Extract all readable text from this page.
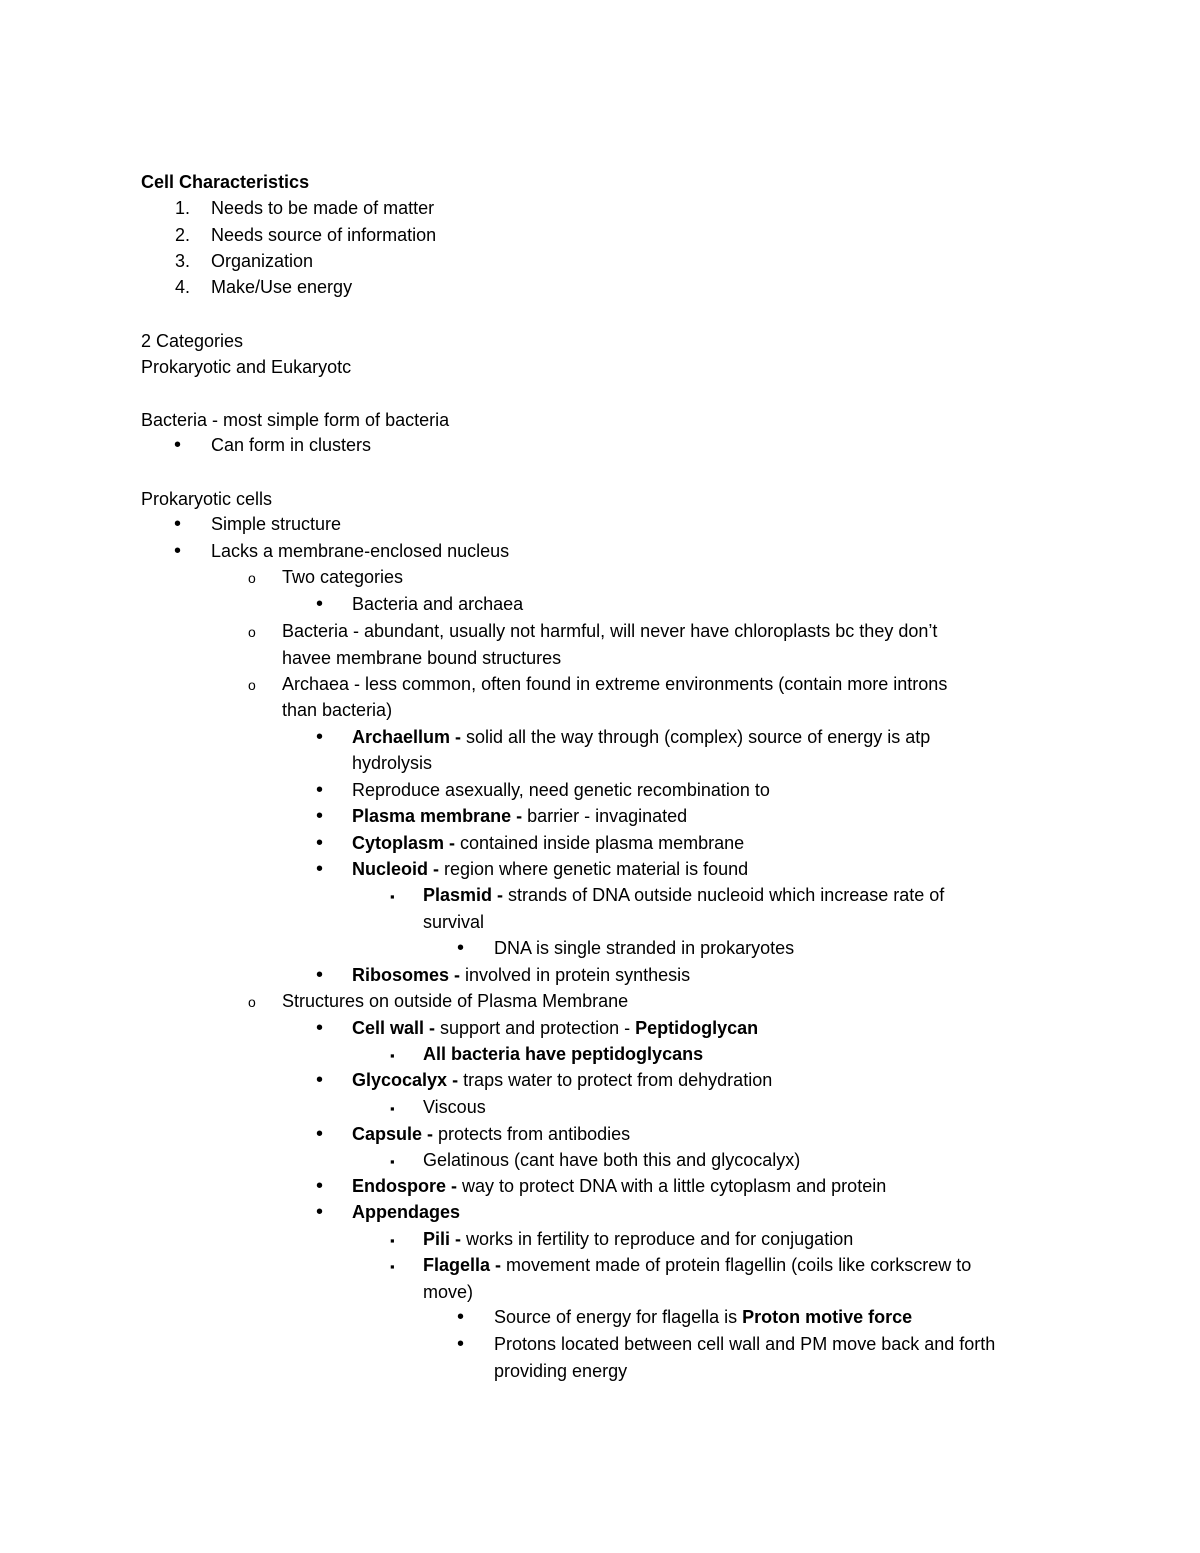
Cell Characteristics
1. Needs to be made of matter
2. Needs source of information
3. Organization
4. Make/Use energy
2 Categories
Prokaryotic and Eukaryotc
Bacteria - most simple form of bacteria
•
Can form in clusters
Prokaryotic cells
•
Simple structure
•
Lacks a membrane-enclosed nucleus
o
Two categories
•
Bacteria and archaea
o
Bacteria - abundant, usually not harmful, will never have chloroplasts bc they don’t
havee membrane bound structures
o
Archaea - less common, often found in extreme environments (contain more introns
than bacteria)
•
Archaellum - solid all the way through (complex) source of energy is atp
hydrolysis
•
Reproduce asexually, need genetic recombination to
•
Plasma membrane - barrier - invaginated
•
Cytoplasm - contained inside plasma membrane
•
Nucleoid - region where genetic material is found
▪
Plasmid - strands of DNA outside nucleoid which increase rate of
survival
•
DNA is single stranded in prokaryotes
•
Ribosomes - involved in protein synthesis
o
Structures on outside of Plasma Membrane
•
Cell wall - support and protection - Peptidoglycan
▪
All bacteria have peptidoglycans
•
Glycocalyx - traps water to protect from dehydration
▪
Viscous
•
Capsule - protects from antibodies
▪
Gelatinous (cant have both this and glycocalyx)
•
Endospore - way to protect DNA with a little cytoplasm and protein
•
Appendages
▪
Pili - works in fertility to reproduce and for conjugation
▪
Flagella - movement made of protein flagellin (coils like corkscrew to
move)
•
Source of energy for flagella is Proton motive force
•
Protons located between cell wall and PM move back and forth
providing energy
